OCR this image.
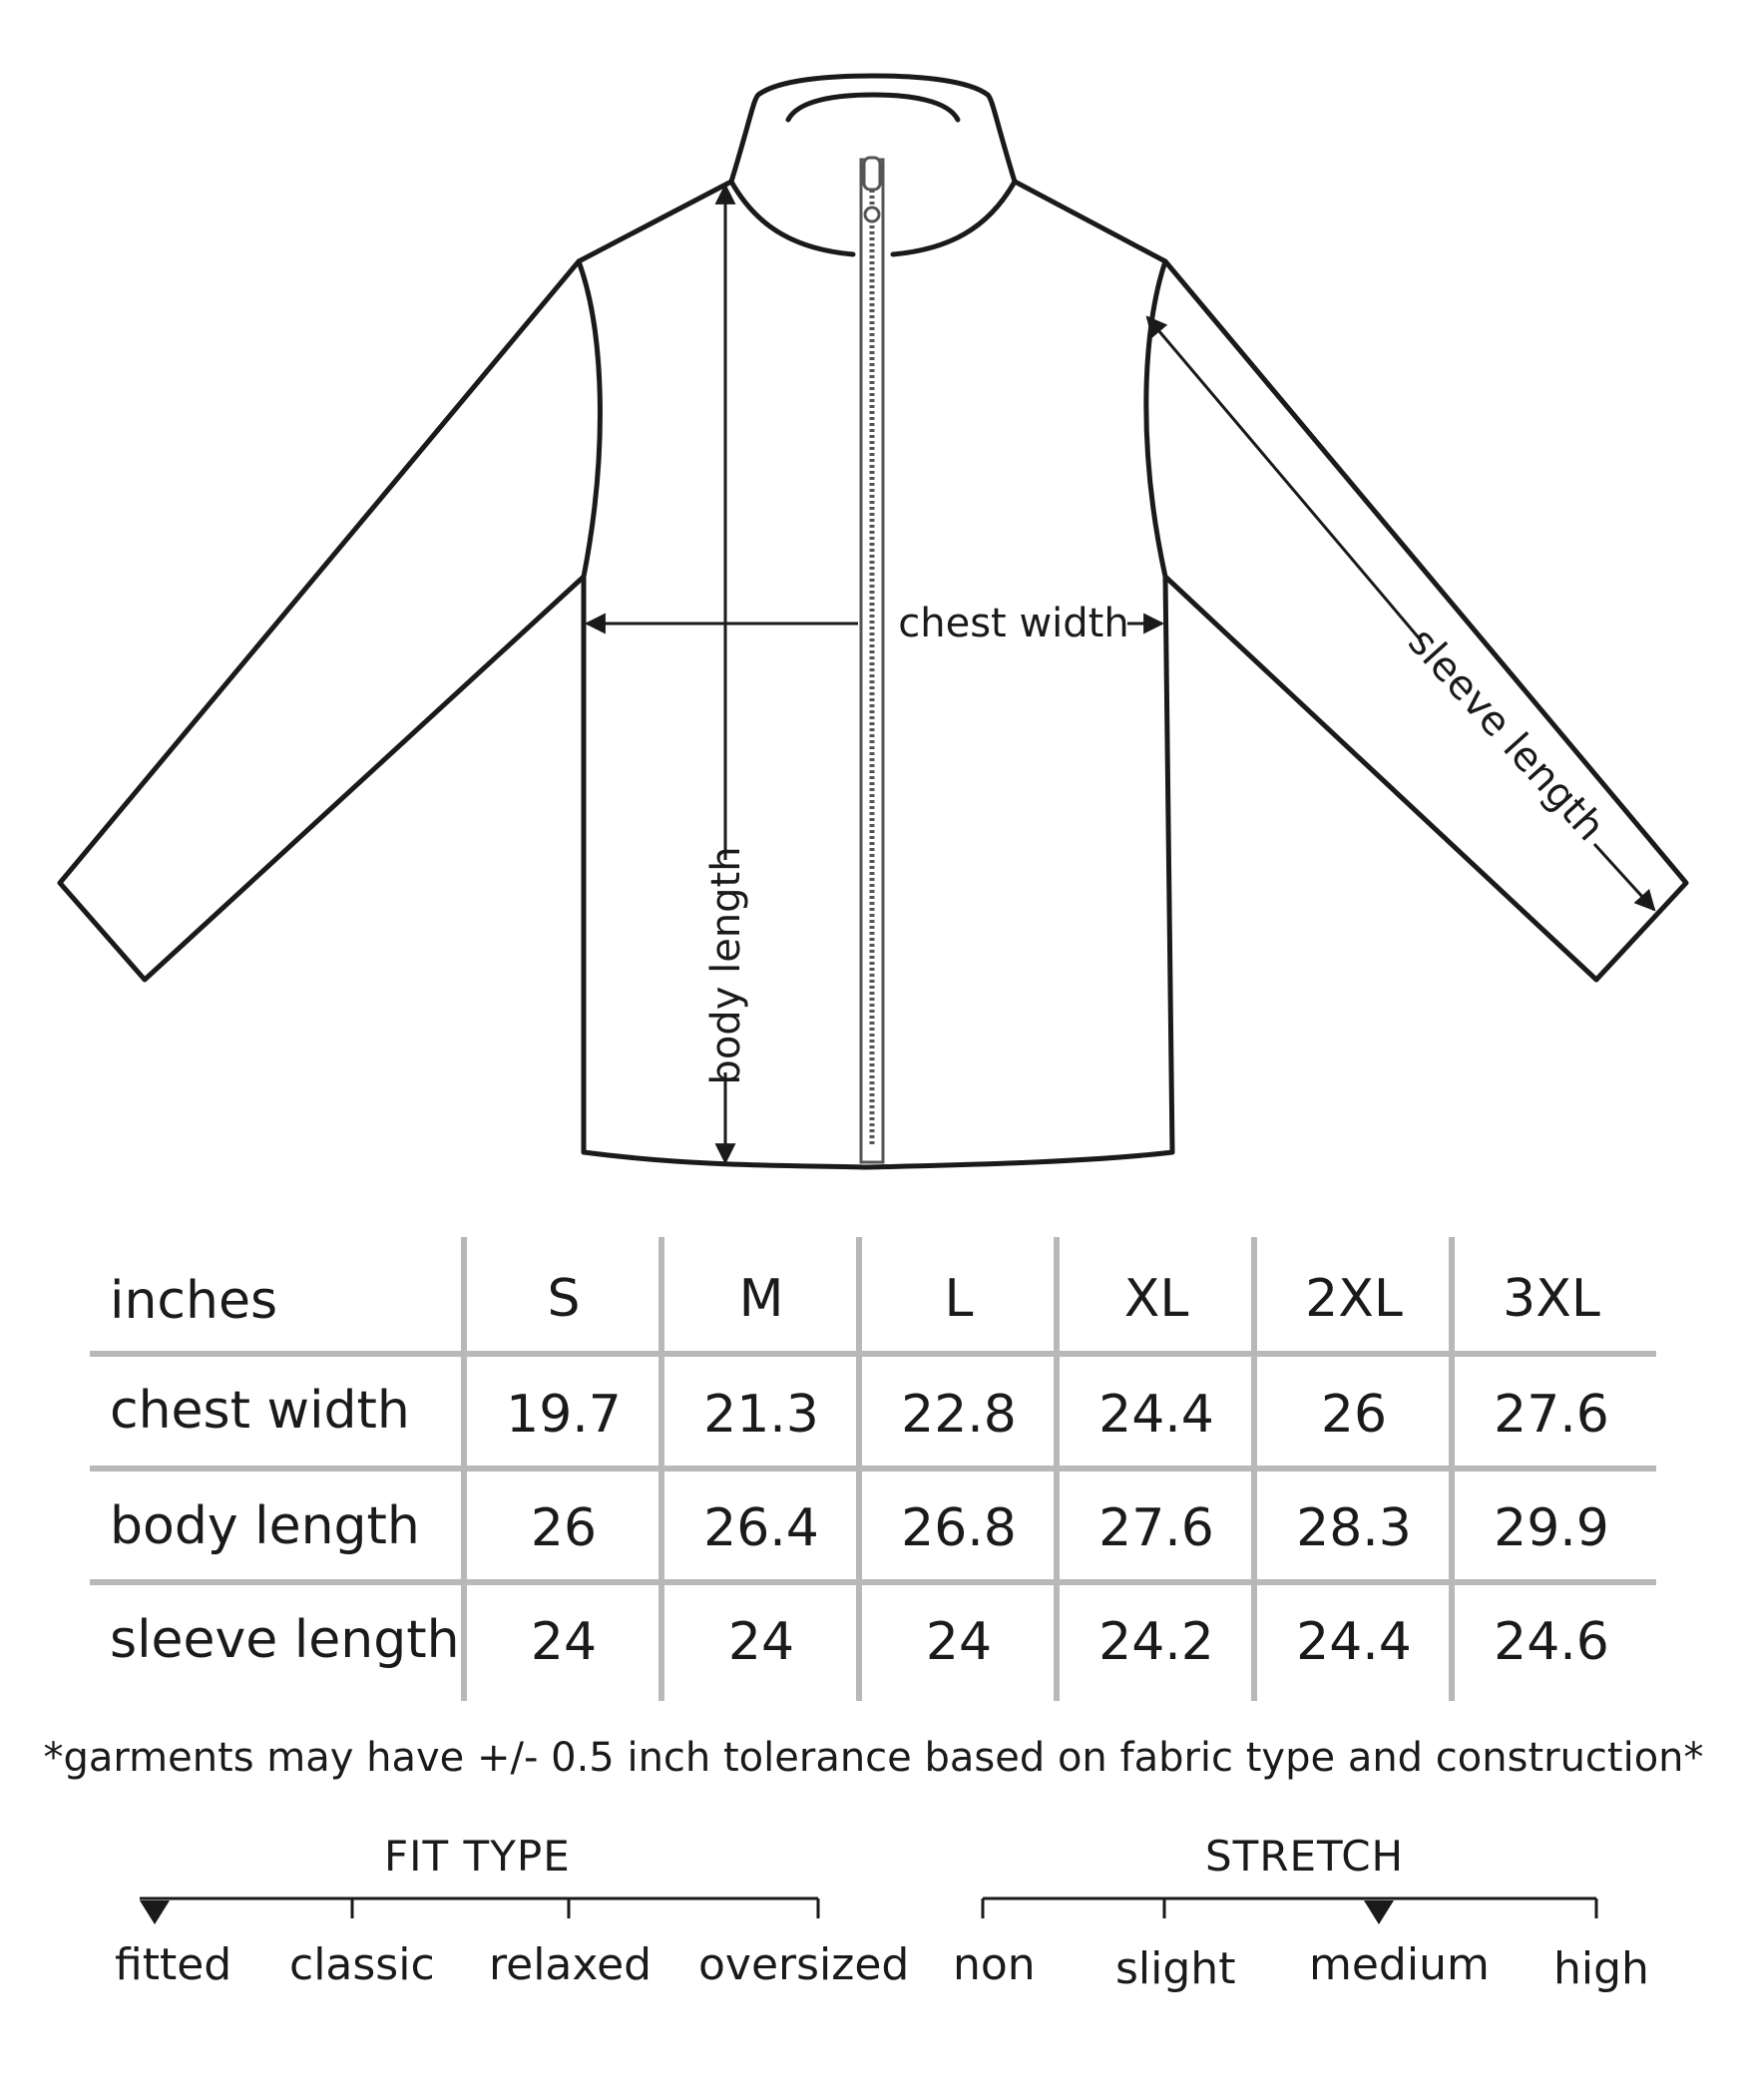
chest width
body length
sleeve length
inches	S	M	L	XL	2XL	3XL
chest width	19.7	21.3	22.8	24.4	26	27.6
body length	26	26.4	26.8	27.6	28.3	29.9
sleeve length	24	24	24	24.2	24.4	24.6
*garments may have +/- 0.5 inch tolerance based on fabric type and construction*
FIT TYPE
fitted classic relaxed oversized
STRETCH
non slight medium high
